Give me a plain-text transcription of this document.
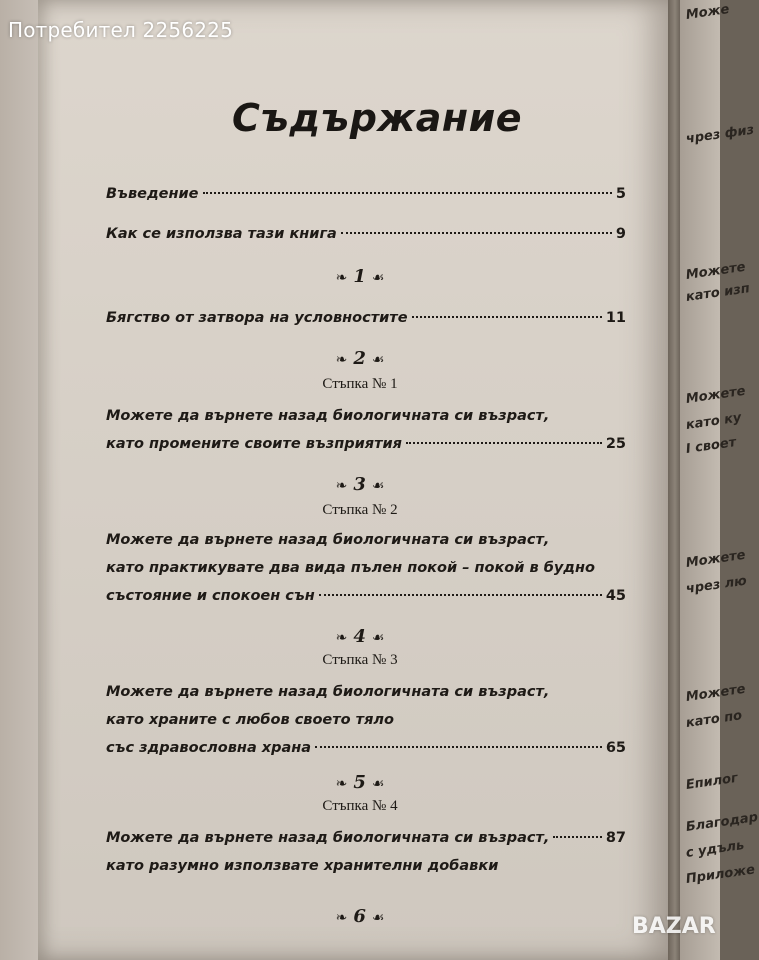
Може
чрез физ
Можете
като изп
Можете
като ку
I своет
Можете
чрез лю
Можете
като по
Епилог
Благодар
с удъль
Приложе
Потребител 2256225
Съдържание
Въведение	5
Как се използва тази книга	9
❧ 1 ☙
Бягство от затвора на условностите	11
❧ 2 ☙
Стъпка № 1
Можете да върнете назад биологичната си възраст,
като промените своите възприятия	25
❧ 3 ☙
Стъпка № 2
Можете да върнете назад биологичната си възраст,
като практикувате два вида пълен покой – покой в будно
състояние и спокоен сън	45
❧ 4 ☙
Стъпка № 3
Можете да върнете назад биологичната си възраст,
като храните с любов своето тяло
със здравословна храна	65
❧ 5 ☙
Стъпка № 4
Можете да върнете назад биологичната си възраст,	87
като разумно използвате хранителни добавки
❧ 6 ☙	BAZAR
